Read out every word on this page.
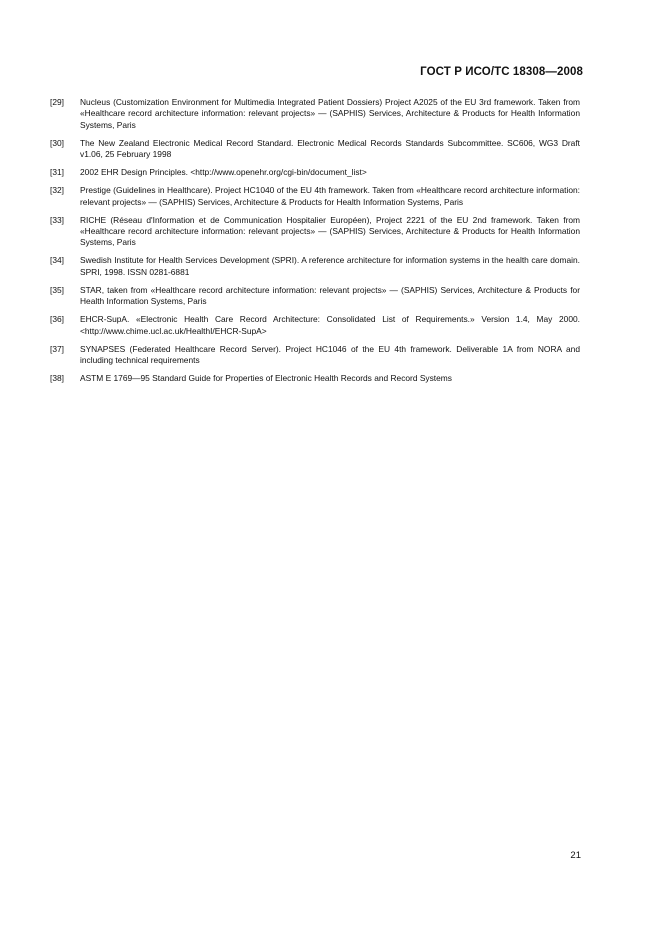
ГОСТ Р ИСО/ТС 18308—2008
[29]	Nucleus (Customization Environment for Multimedia Integrated Patient Dossiers) Project A2025 of the EU 3rd framework. Taken from «Healthcare record architecture information: relevant projects» — (SAPHIS) Services, Architecture & Products for Health Information Systems, Paris
[30]	The New Zealand Electronic Medical Record Standard. Electronic Medical Records Standards Subcommittee. SC606, WG3 Draft v1.06, 25 February 1998
[31]	2002 EHR Design Principles. <http://www.openehr.org/cgi-bin/document_list>
[32]	Prestige (Guidelines in Healthcare). Project HC1040 of the EU 4th framework. Taken from «Healthcare record architecture information: relevant projects» — (SAPHIS) Services, Architecture & Products for Health Information Systems, Paris
[33]	RICHE (Réseau d'Information et de Communication Hospitalier Européen), Project 2221 of the EU 2nd framework. Taken from «Healthcare record architecture information: relevant projects» — (SAPHIS) Services, Architecture & Products for Health Information Systems, Paris
[34]	Swedish Institute for Health Services Development (SPRI). A reference architecture for information systems in the health care domain. SPRI, 1998. ISSN 0281-6881
[35]	STAR, taken from «Healthcare record architecture information: relevant projects» — (SAPHIS) Services, Architecture & Products for Health Information Systems, Paris
[36]	EHCR-SupA. «Electronic Health Care Record Architecture: Consolidated List of Requirements.» Version 1.4, May 2000. <http://www.chime.ucl.ac.uk/HealthI/EHCR-SupA>
[37]	SYNAPSES (Federated Healthcare Record Server). Project HC1046 of the EU 4th framework. Deliverable 1A from NORA and including technical requirements
[38]	ASTM E 1769—95 Standard Guide for Properties of Electronic Health Records and Record Systems
21
